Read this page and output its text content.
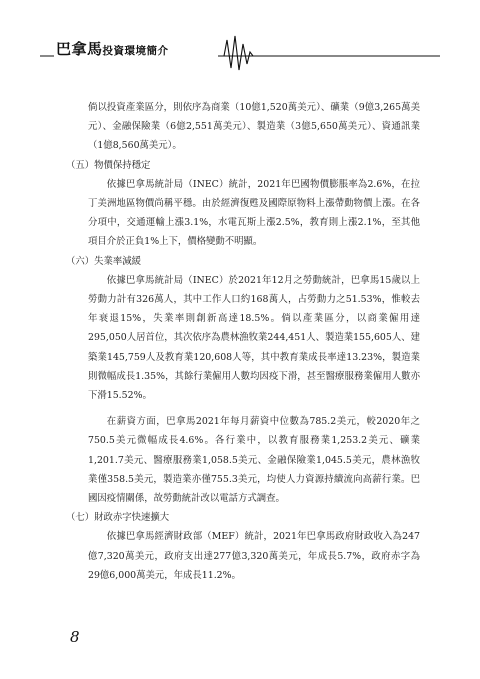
巴拿馬投資環境簡介

倘以投資產業區分，則依序為商業（10億1,520萬美元）、礦業（9億3,265萬美元）、金融保險業（6億2,551萬美元）、製造業（3億5,650萬美元）、資通訊業（1億8,560萬美元）。

（五）物價保持穩定

依據巴拿馬統計局（INEC）統計，2021年巴國物價膨脹率為2.6%，在拉丁美洲地區物價尚稱平穩。由於經濟復甦及國際原物料上漲帶動物價上漲。在各分項中，交通運輸上漲3.1%，水電瓦斯上漲2.5%，教育則上漲2.1%，至其他項目介於正負1%上下，價格變動不明顯。

（六）失業率減緩

依據巴拿馬統計局（INEC）於2021年12月之勞動統計，巴拿馬15歲以上勞動力計有326萬人，其中工作人口約168萬人，占勞動力之51.53%，惟較去年衰退15%，失業率則創新高達18.5%。倘以產業區分，以商業僱用達295,050人居首位，其次依序為農林漁牧業244,451人、製造業155,605人、建築業145,759人及教育業120,608人等，其中教育業成長率達13.23%，製造業則微幅成長1.35%，其餘行業僱用人數均因疫下滑，甚至醫療服務業僱用人數亦下滑15.52%。

在薪資方面，巴拿馬2021年每月薪資中位數為785.2美元，較2020年之750.5美元微幅成長4.6%。各行業中，以教育服務業1,253.2美元、礦業1,201.7美元、醫療服務業1,058.5美元、金融保險業1,045.5美元，農林漁牧業僅358.5美元，製造業亦僅755.3美元，均使人力資源持續流向高薪行業。巴國因疫情關係，故勞動統計改以電話方式調查。

（七）財政赤字快速擴大

依據巴拿馬經濟財政部（MEF）統計，2021年巴拿馬政府財政收入為247億7,320萬美元，政府支出達277億3,320萬美元，年成長5.7%，政府赤字為29億6,000萬美元，年成長11.2%。

8
